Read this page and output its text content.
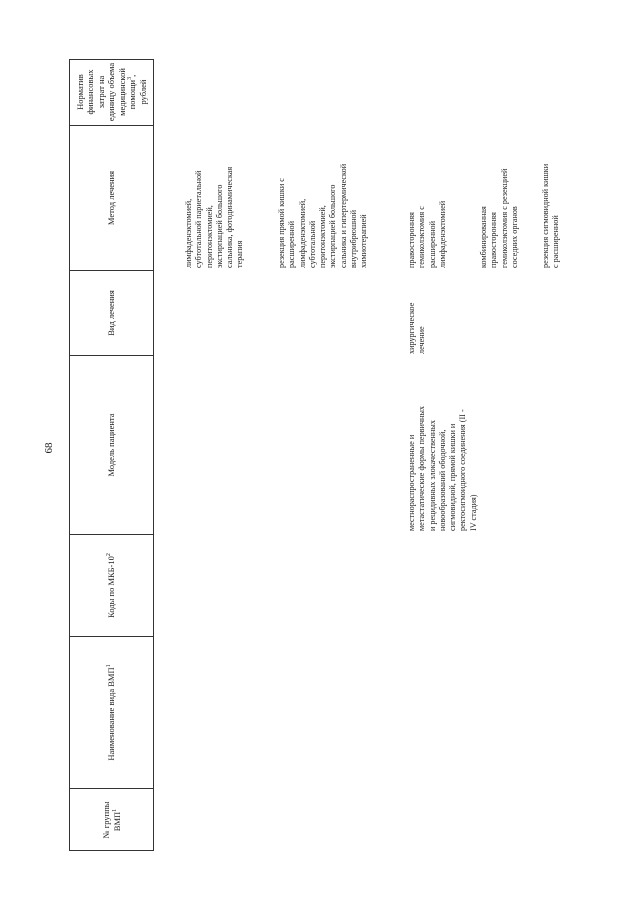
68
№ группы ВМП$^1$
Наименование вида ВМП$^1$
Коды по МКБ-$10^2$
Модель пациента
Вид лечения
Метод лечения
Норматив финансовых затрат на единицу объема медицинской помощи$^3$, рублей
лимфаденэктомией,
субтотальной париетальной
перитонэктомией,
экстирпацией большого
сальника, фотодинамическая
терапия	резекция прямой кишки с
расширенной
лимфаденэктомией,
субтотальной
перитонэктомией,
экстирпацией большого
сальника и гипертермической
внутрибрюшной
химиотерапией
местнораспространенные и
метастатические формы первичных
и рецидивных злокачественных
новообразований ободочной,
сигмовидной, прямой кишки и
ректосигмоидного соединения (II -
IV стадия)
хирургическое
лечение
правосторонняя
гемиколэктомия с
расширенной
лимфаденэктомией	комбинированная
правосторонняя
гемиколэктомия с резекцией
соседних органов
резекция сигмовидной кишки
с расширенной
